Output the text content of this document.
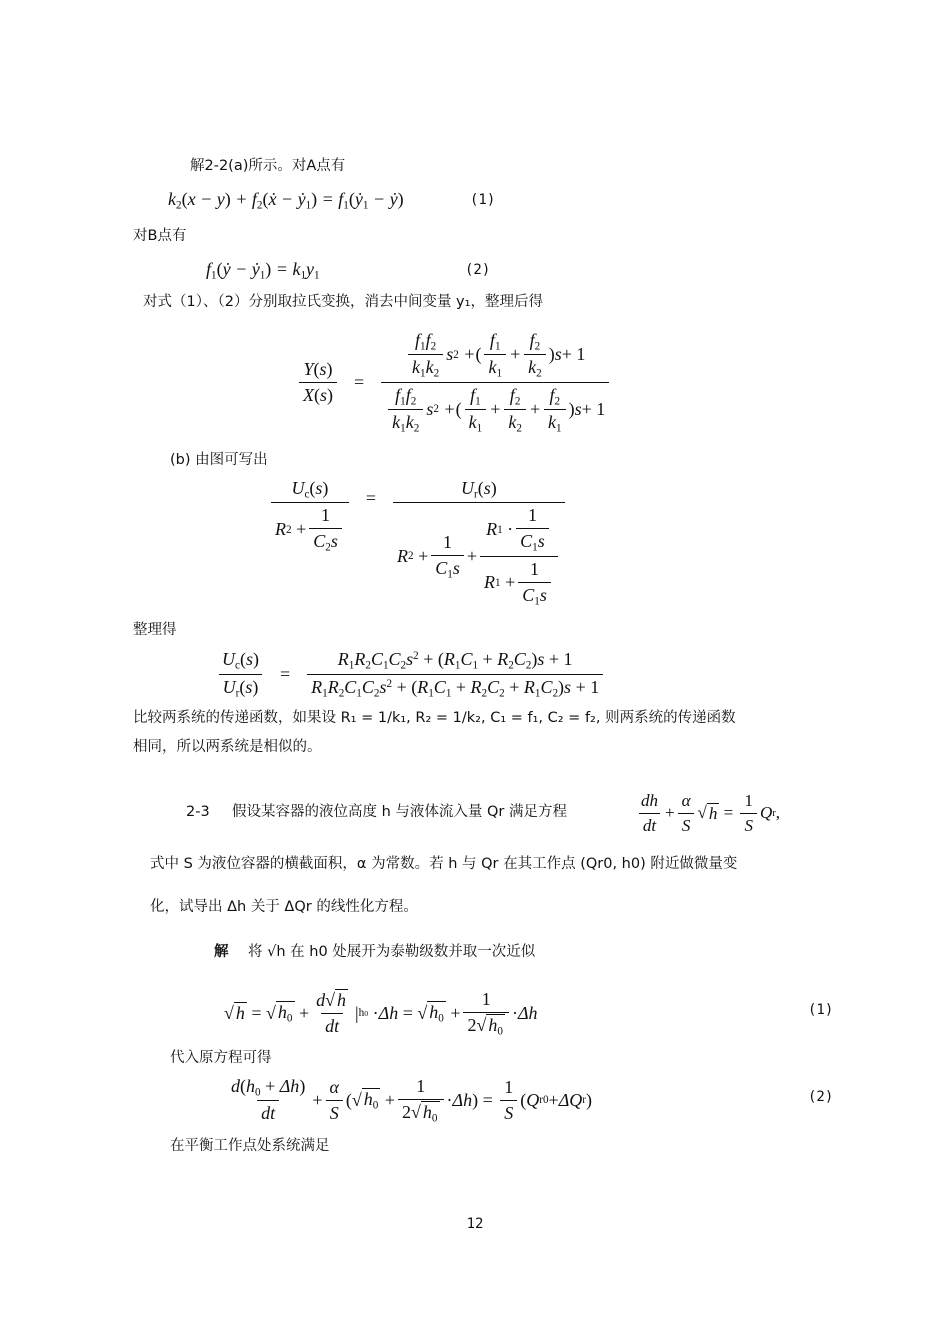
解2-2(a)所示。对A点有
$k_2(x - y)$ + $f_2(ẋ$ − ẏ$_1$) = $f_1(ẏ_1$ − ẏ)	(1)
对B点有
$f_1(ẏ$ − ẏ$_1$) = $k_1y_1$	(2)
对式（1）、（2）分别取拉氏变换，消去中间变量 y₁，整理后得
$\frac{Y(s)}{X(s)} = \frac{\frac{f_1f_2}{k_1k_2} s 2 + ( \frac{f_1}{k_1} + \frac{f_2}{k_2} ) s + 1}{\frac{f_1f_2}{k_1k_2} s 2 + ( \frac{f_1}{k_1} + \frac{f_2}{k_2} + \frac{f_2}{k_1} ) s + 1}$
(b) 由图可写出
$U_c(s)$
R 2
+ $\frac{1}{C_2s} = U_r(s)$
R 2
+ $\frac{1}{C_1s} + R$ 1
· $\frac{1}{C_1s}$
R 1
+ $\frac{1}{C_1s}$
整理得
$\frac{U_c(s)}{U_r(s)} = \frac{R_1R_2C_1C_2s^2 + (R_1C_1 + R_2C_2)s + 1}{R_1R_2C_1C_2s^2 + (R_1C_1 + R_2C_2 + R_1C_2)s + 1}$
比较两系统的传递函数，如果设 R₁ = 1/k₁, R₂ = 1/k₂, C₁ = f₁, C₂ = f₂, 则两系统的传递函数
相同，所以两系统是相似的。
2-3 假设某容器的液位高度 h 与液体流入量 Qr 满足方程	$\frac{dh}{dt} + \frac{\alpha}{S}$ √ $h = \frac{1}{S}$ Q r ,
式中 S 为液位容器的横截面积，α 为常数。若 h 与 Qr 在其工作点 (Qr0, h0) 附近做微量变
化，试导出 Δh 关于 ΔQr 的线性化方程。
解 将 √h 在 h0 处展开为泰勒级数并取一次近似
√ h = √ $h_0 + \frac{d√ h}{dt}$ | h0 · Δh = √ $h_0 + \frac{1}{2√ h_0} \cdot \Delta h$	(1)
代入原方程可得
$\frac{d(h_0 + \Delta h)}{dt} + \frac{\alpha}{S}$ (√ $h_0 + \frac{1}{2√ h_0} \cdot \Delta h$ ) = $\frac{1}{S}$ ( Q r0 + ΔQ r )	(2)
在平衡工作点处系统满足
12
